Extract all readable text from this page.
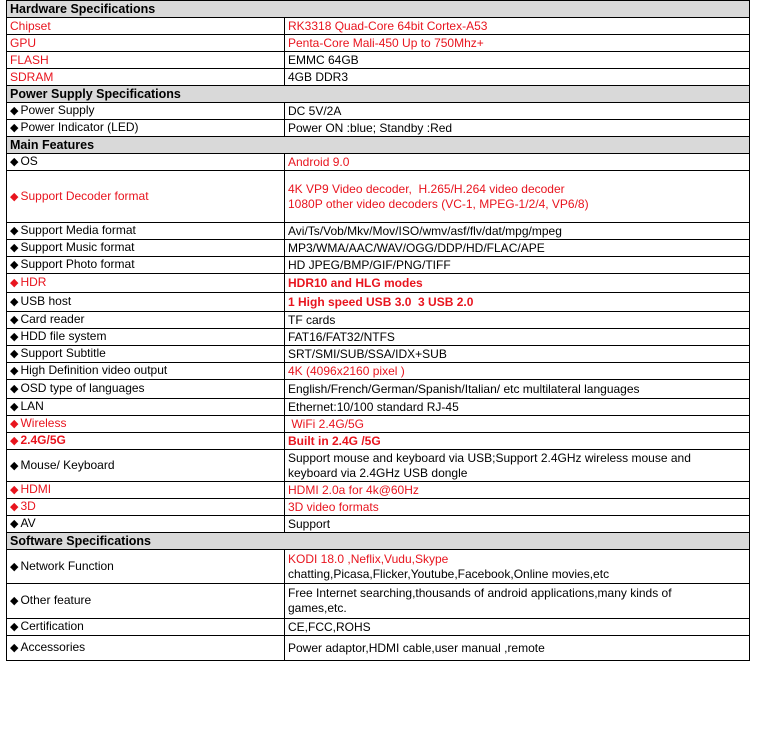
Hardware Specifications	
Chipset	RK3318 Quad-Core 64bit Cortex-A53

GPU	Penta-Core Mali-450 Up to 750Mhz+

FLASH	EMMC 64GB

SDRAM	4GB DDR3

Power Supply Specifications	
◆ Power Supply	DC 5V/2A

◆ Power Indicator (LED)	Power ON :blue; Standby :Red

Main Features	
◆ OS	Android 9.0

◆ Support Decoder format	4K VP9 Video decoder,  H.265/H.264 video decoder
1080P other video decoders (VC-1, MPEG-1/2/4, VP6/8)

◆ Support Media format	Avi/Ts/Vob/Mkv/Mov/ISO/wmv/asf/flv/dat/mpg/mpeg

◆ Support Music format	MP3/WMA/AAC/WAV/OGG/DDP/HD/FLAC/APE

◆ Support Photo format	HD JPEG/BMP/GIF/PNG/TIFF

◆ HDR	HDR10 and HLG modes

◆ USB host	1 High speed USB 3.0  3 USB 2.0

◆ Card reader	TF cards

◆ HDD file system	FAT16/FAT32/NTFS

◆ Support Subtitle	SRT/SMI/SUB/SSA/IDX+SUB

◆ High Definition video output	4K (4096x2160 pixel )

◆ OSD type of languages	English/French/German/Spanish/Italian/ etc multilateral languages

◆ LAN	Ethernet:10/100 standard RJ-45

◆ Wireless	WiFi 2.4G/5G

◆ 2.4G/5G	Built in 2.4G /5G

◆ Mouse/ Keyboard	Support mouse and keyboard via USB;Support 2.4GHz wireless mouse and
keyboard via 2.4GHz USB dongle

◆ HDMI	HDMI 2.0a for 4k@60Hz

◆ 3D	3D video formats

◆ AV	Support

Software Specifications	
◆ Network Function	KODI 18.0 ,Neflix,Vudu,Skype
chatting,Picasa,Flicker,Youtube,Facebook,Online movies,etc

◆ Other feature	Free Internet searching,thousands of android applications,many kinds of
games,etc.

◆ Certification	CE,FCC,ROHS

◆ Accessories	Power adaptor,HDMI cable,user manual ,remote
